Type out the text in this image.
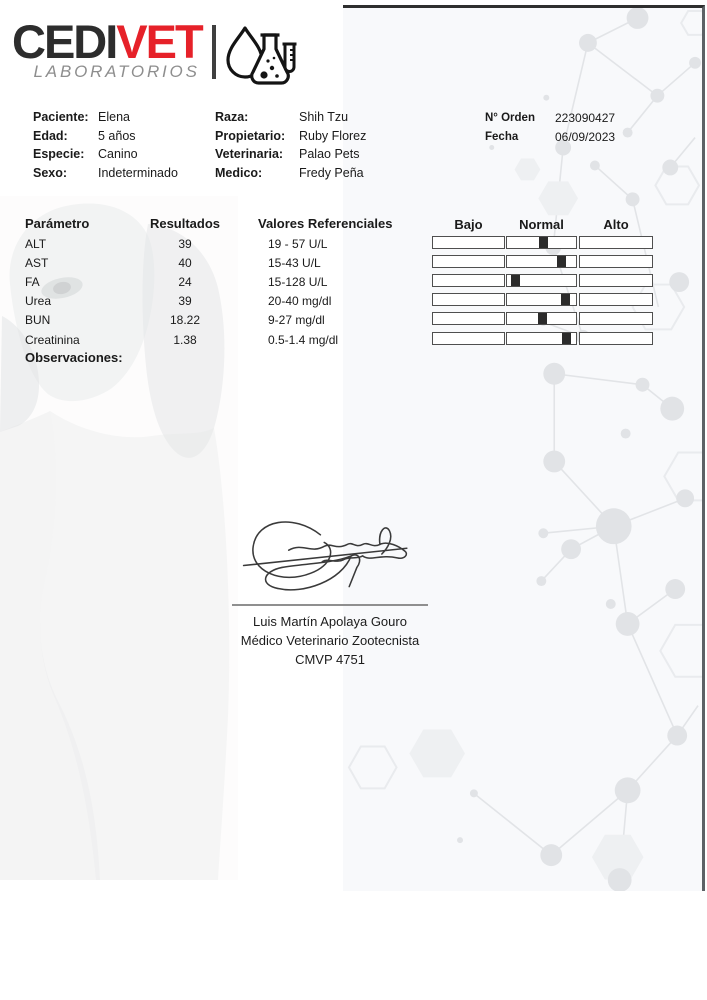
CEDIVET
LABORATORIOS
Paciente: Elena
Edad:	5 años
Especie:	Canino
Sexo:	Indeterminado
Raza:	Shih Tzu
Propietario:	Ruby Florez
Veterinaria:	Palao Pets
Medico:	Fredy Peña
N° Orden	223090427
Fecha	06/09/2023
Parámetro	Resultados	Valores Referenciales	Bajo	Normal	Alto
ALT	39	19 - 57 U/L
AST	40	15-43 U/L
FA	24	15-128 U/L
Urea	39	20-40 mg/dl
BUN	18.22	9-27 mg/dl
Creatinina	1.38	0.5-1.4 mg/dl
Observaciones:
Luis Martín Apolaya Gouro
Médico Veterinario Zootecnista
CMVP 4751
